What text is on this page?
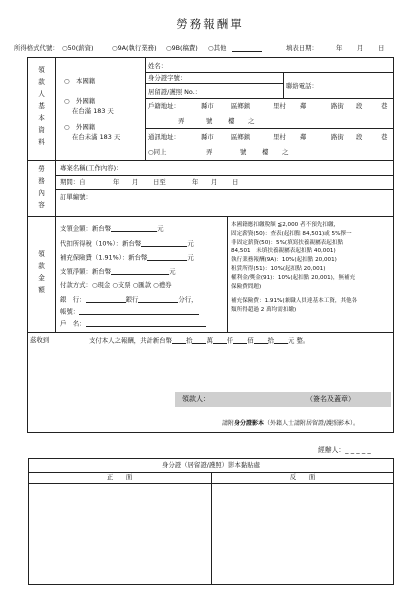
勞務報酬單
所得格式代號： ○50(薪資)	○9A(執行業務) ○9B(稿費) ○其他	填表日期：	年 月 日
領
款
人
基
本
資
料
○　本國籍
○　外國籍
在台滿 183 天
○　外國籍
在台未滿 183 天
姓名：
身分證字號：
居留證/護照 No.：
聯絡電話：
戶籍地址：	縣市	區鄉鎮	里村 鄰	路街 段	巷
弄	號 樓 之
通訊地址：	縣市	區鄉鎮	里村 鄰	路街 段	巷
○同上	弄	號 樓 之
勞
務
內
容
專案名稱(工作內容)：
期間：自	年 月 日至	年 月 日
訂單編號：
領
款
金
額
支領金額：新台幣	元
代扣所得稅（10%）：新台幣	元
補充保險費（1.91%）：新台幣	元
支領淨額：新台幣	元
付款方式：○現金 ○支票 ○匯款 ○禮券
銀　行：	銀行	分行，
帳號：
戶　名：
本國籍應扣繳稅額 ≦2,000 者不預先扣繳，
固定薪資(50)：查表(起扣點 84,501)或 5%擇一
非固定薪資(50)：5%(填寫扶養親屬表起扣點
84,501　未填扶養親屬表起扣點 40,001)
執行業務報酬(9A)：10%(起扣點 20,001)
租賃所得(51)：10%(起扣點 20,001)
權利金/獎金(91)：10%(起扣點 20,001)，無補充
保險費問題)
補充保險費：1.91%(兼職人員達基本工資，其他各
類所得超過 2 萬均需扣繳)
茲收到	支付本人之報酬，共計新台幣 拾 萬 仟 佰 拾 元 整。
領款人：	（簽名及蓋章）
請附身分證影本（外籍人士請附居留證/護照影本）。
經辦人：_ _ _ _ _
身分證（居留證/護照）影本黏貼處
正　　面	反　　面
